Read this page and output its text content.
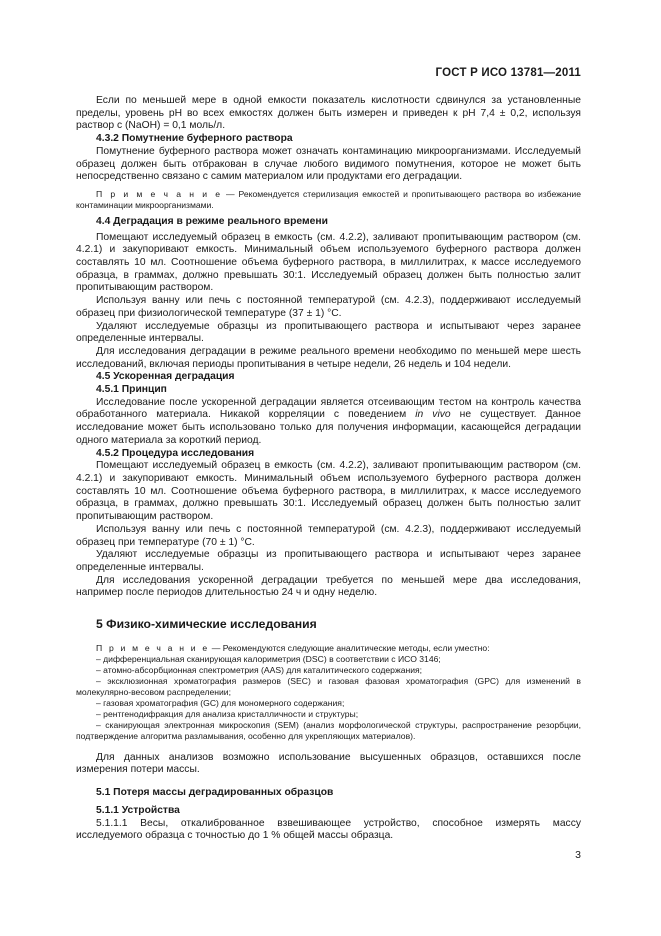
ГОСТ Р ИСО 13781—2011

Если по меньшей мере в одной емкости показатель кислотности сдвинулся за установленные пределы, уровень pH во всех емкостях должен быть измерен и приведен к pH 7,4 ± 0,2, используя раствор c (NaOH) = 0,1 моль/л.

4.3.2 Помутнение буферного раствора

Помутнение буферного раствора может означать контаминацию микроорганизмами. Исследуемый образец должен быть отбракован в случае любого видимого помутнения, которое не может быть непосредственно связано с самим материалом или продуктами его деградации.

П р и м е ч а н и е — Рекомендуется стерилизация емкостей и пропитывающего раствора во избежание контаминации микроорганизмами.

4.4 Деградация в режиме реального времени

Помещают исследуемый образец в емкость (см. 4.2.2), заливают пропитывающим раствором (см. 4.2.1) и закупоривают емкость. Минимальный объем используемого буферного раствора должен составлять 10 мл. Соотношение объема буферного раствора, в миллилитрах, к массе исследуемого образца, в граммах, должно превышать 30:1. Исследуемый образец должен быть полностью залит пропитывающим раствором.

Используя ванну или печь с постоянной температурой (см. 4.2.3), поддерживают исследуемый образец при физиологической температуре (37 ± 1) °C.

Удаляют исследуемые образцы из пропитывающего раствора и испытывают через заранее определенные интервалы.

Для исследования деградации в режиме реального времени необходимо по меньшей мере шесть исследований, включая периоды пропитывания в четыре недели, 26 недель и 104 недели.

4.5 Ускоренная деградация

4.5.1 Принцип

Исследование после ускоренной деградации является отсеивающим тестом на контроль качества обработанного материала. Никакой корреляции с поведением in vivo не существует. Данное исследование может быть использовано только для получения информации, касающейся деградации одного материала за короткий период.

4.5.2 Процедура исследования

Помещают исследуемый образец в емкость (см. 4.2.2), заливают пропитывающим раствором (см. 4.2.1) и закупоривают емкость. Минимальный объем используемого буферного раствора должен составлять 10 мл. Соотношение объема буферного раствора, в миллилитрах, к массе исследуемого образца, в граммах, должно превышать 30:1. Исследуемый образец должен быть полностью залит пропитывающим раствором.

Используя ванну или печь с постоянной температурой (см. 4.2.3), поддерживают исследуемый образец при температуре (70 ± 1) °C.

Удаляют исследуемые образцы из пропитывающего раствора и испытывают через заранее определенные интервалы.

Для исследования ускоренной деградации требуется по меньшей мере два исследования, например после периодов длительностью 24 ч и одну неделю.

5 Физико-химические исследования

П р и м е ч а н и е — Рекомендуются следующие аналитические методы, если уместно:

– дифференциальная сканирующая калориметрия (DSC) в соответствии с ИСО 3146;

– атомно-абсорбционная спектрометрия (AAS) для каталитического содержания;

– эксклюзионная хроматография размеров (SEC) и газовая фазовая хроматография (GPC) для изменений в молекулярно-весовом распределении;

– газовая хроматография (GC) для мономерного содержания;

– рентгенодифракция для анализа кристалличности и структуры;

– сканирующая электронная микроскопия (SEM) (анализ морфологической структуры, распространение резорбции, подтверждение алгоритма разламывания, особенно для укрепляющих материалов).

Для данных анализов возможно использование высушенных образцов, оставшихся после измерения потери массы.

5.1 Потеря массы деградированных образцов

5.1.1 Устройства

5.1.1.1 Весы, откалиброванное взвешивающее устройство, способное измерять массу исследуемого образца с точностью до 1 % общей массы образца.

3
